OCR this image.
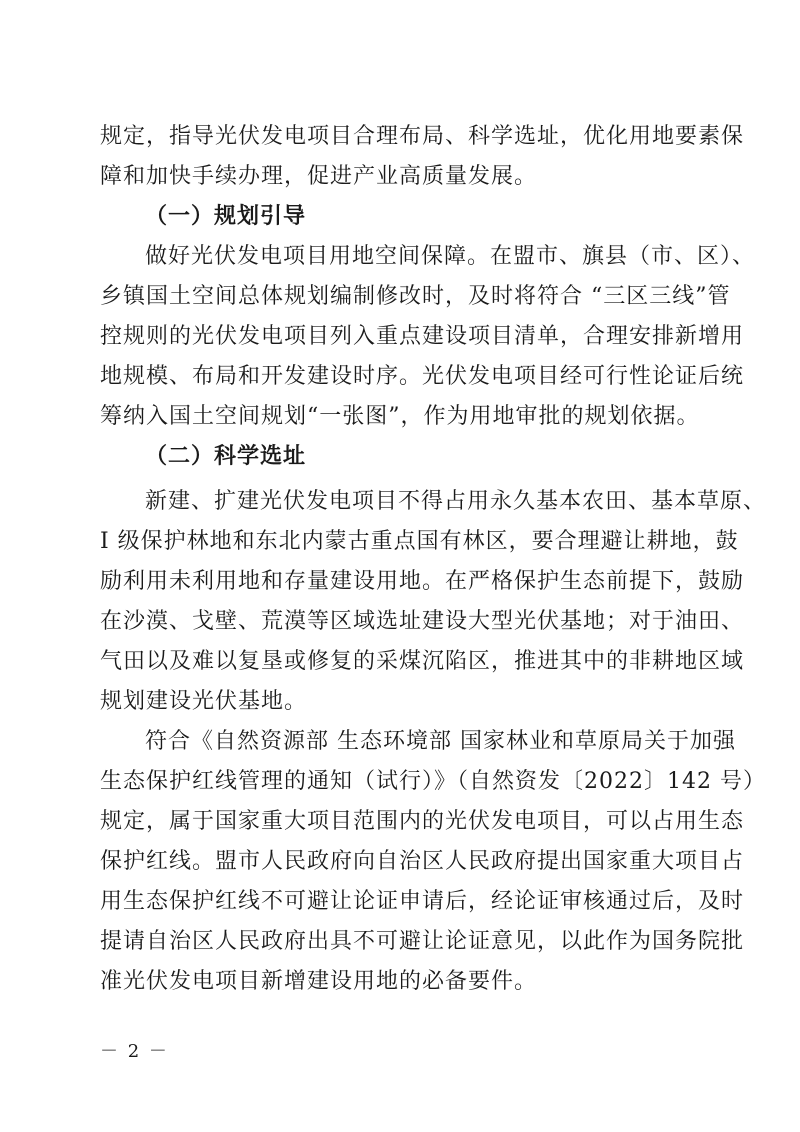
规定，指导光伏发电项目合理布局、科学选址，优化用地要素保
障和加快手续办理，促进产业高质量发展。
（一）规划引导
做好光伏发电项目用地空间保障。在盟市、旗县（市、区）、
乡镇国土空间总体规划编制修改时，及时将符合 “三区三线”管
控规则的光伏发电项目列入重点建设项目清单，合理安排新增用
地规模、布局和开发建设时序。光伏发电项目经可行性论证后统
筹纳入国土空间规划“一张图”，作为用地审批的规划依据。
（二）科学选址
新建、扩建光伏发电项目不得占用永久基本农田、基本草原、
I 级保护林地和东北内蒙古重点国有林区，要合理避让耕地，鼓
励利用未利用地和存量建设用地。在严格保护生态前提下，鼓励
在沙漠、戈壁、荒漠等区域选址建设大型光伏基地；对于油田、
气田以及难以复垦或修复的采煤沉陷区，推进其中的非耕地区域
规划建设光伏基地。
符合《自然资源部 生态环境部 国家林业和草原局关于加强
生态保护红线管理的通知（试行）》（自然资发〔2022〕142 号）
规定，属于国家重大项目范围内的光伏发电项目，可以占用生态
保护红线。盟市人民政府向自治区人民政府提出国家重大项目占
用生态保护红线不可避让论证申请后，经论证审核通过后，及时
提请自治区人民政府出具不可避让论证意见，以此作为国务院批
准光伏发电项目新增建设用地的必备要件。
－ 2 －
